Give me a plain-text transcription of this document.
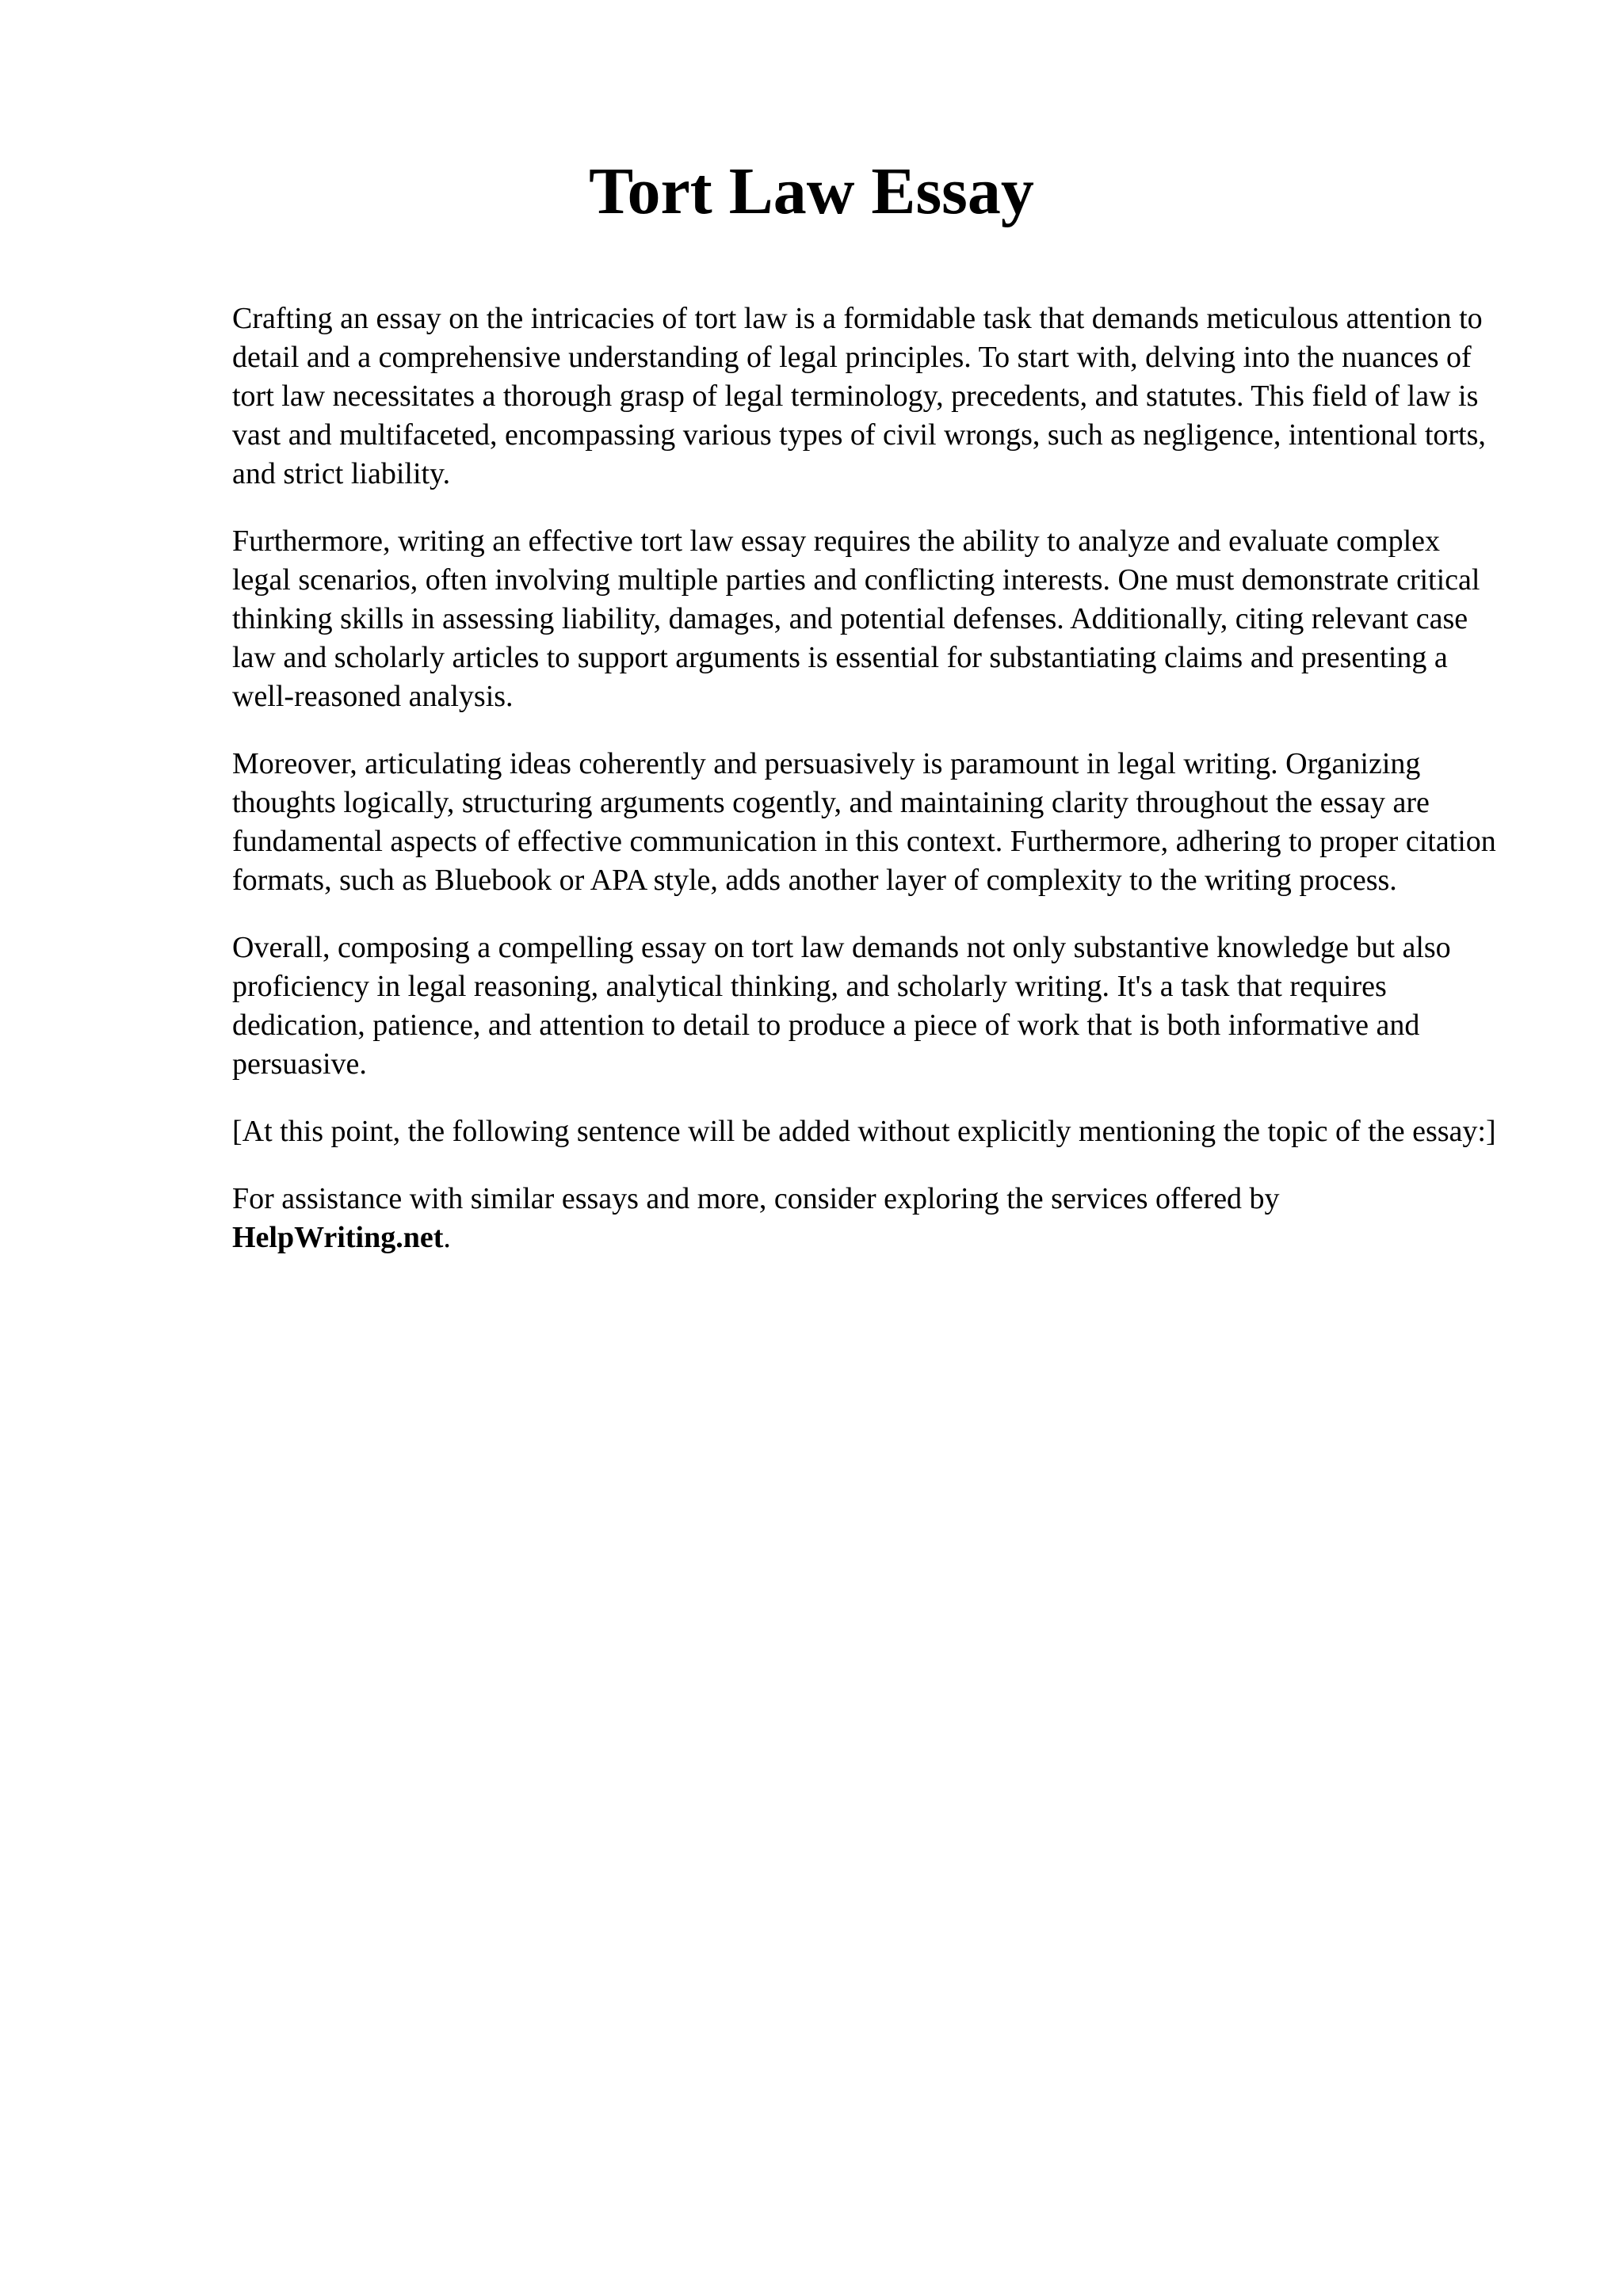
Tort Law Essay

Crafting an essay on the intricacies of tort law is a formidable task that demands meticulous attention to detail and a comprehensive understanding of legal principles. To start with, delving into the nuances of tort law necessitates a thorough grasp of legal terminology, precedents, and statutes. This field of law is vast and multifaceted, encompassing various types of civil wrongs, such as negligence, intentional torts, and strict liability.

Furthermore, writing an effective tort law essay requires the ability to analyze and evaluate complex legal scenarios, often involving multiple parties and conflicting interests. One must demonstrate critical thinking skills in assessing liability, damages, and potential defenses. Additionally, citing relevant case law and scholarly articles to support arguments is essential for substantiating claims and presenting a well-reasoned analysis.

Moreover, articulating ideas coherently and persuasively is paramount in legal writing. Organizing thoughts logically, structuring arguments cogently, and maintaining clarity throughout the essay are fundamental aspects of effective communication in this context. Furthermore, adhering to proper citation formats, such as Bluebook or APA style, adds another layer of complexity to the writing process.

Overall, composing a compelling essay on tort law demands not only substantive knowledge but also proficiency in legal reasoning, analytical thinking, and scholarly writing. It's a task that requires dedication, patience, and attention to detail to produce a piece of work that is both informative and persuasive.

[At this point, the following sentence will be added without explicitly mentioning the topic of the essay:]

For assistance with similar essays and more, consider exploring the services offered by HelpWriting.net.
